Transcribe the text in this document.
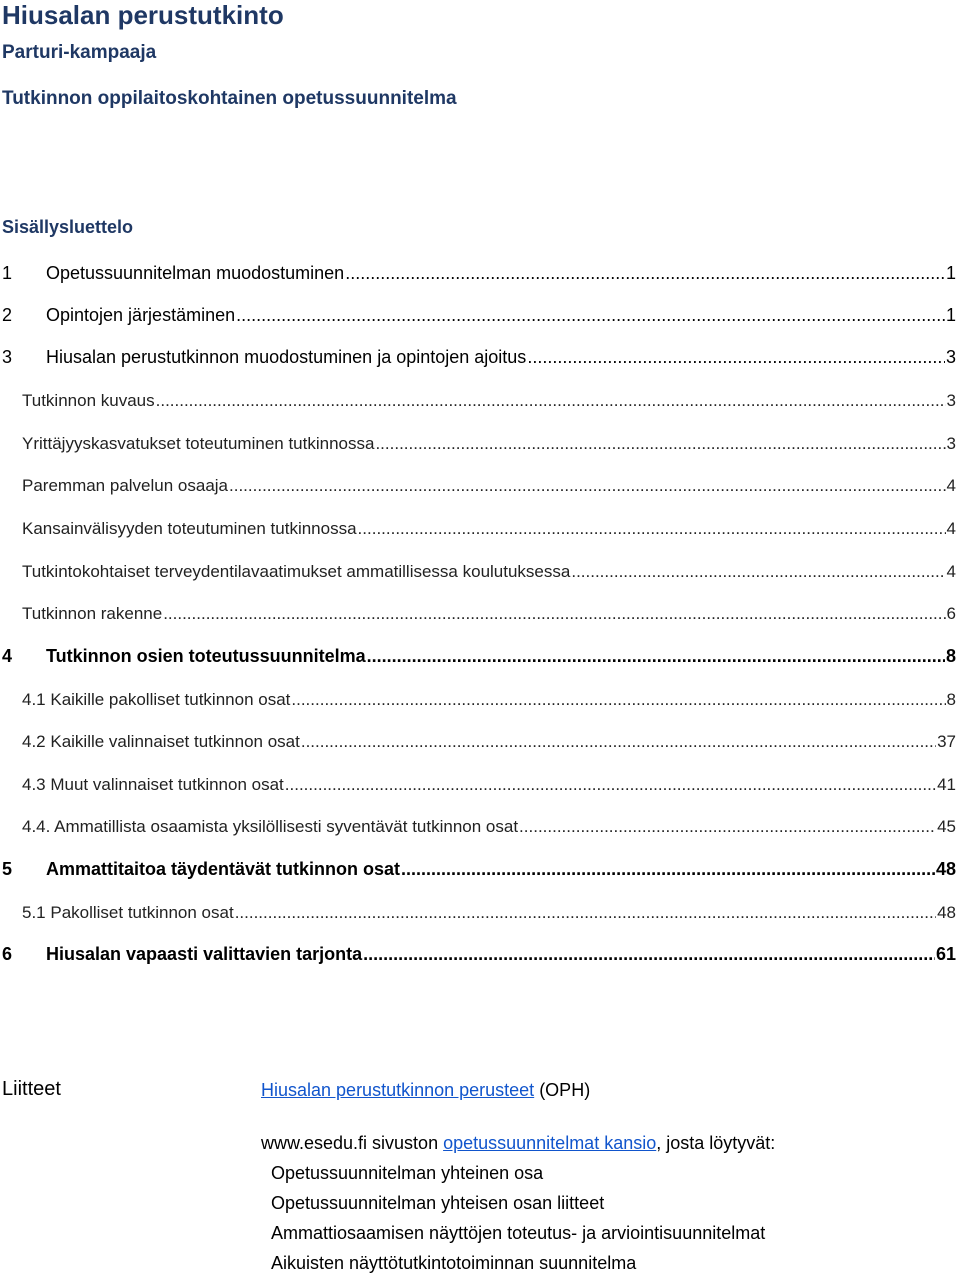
Hiusalan perustutkinto
Parturi-kampaaja
Tutkinnon oppilaitoskohtainen opetussuunnitelma
Sisällysluettelo
1	Opetussuunnitelman muodostuminen .....	1
2	Opintojen järjestäminen .....	1
3	Hiusalan perustutkinnon muodostuminen ja opintojen ajoitus .....	3
Tutkinnon kuvaus .....	3
Yrittäjyyskasvatukset toteutuminen tutkinnossa .....	3
Paremman palvelun osaaja .....	4
Kansainvälisyyden toteutuminen tutkinnossa .....	4
Tutkintokohtaiset terveydentilavaatimukset ammatillisessa koulutuksessa .....	4
Tutkinnon rakenne .....	6
4	Tutkinnon osien toteutussuunnitelma .....	8
4.1 Kaikille pakolliset tutkinnon osat .....	8
4.2 Kaikille valinnaiset tutkinnon osat .....	37
4.3 Muut valinnaiset tutkinnon osat .....	41
4.4. Ammatillista osaamista yksilöllisesti syventävät tutkinnon osat .....	45
5	Ammattitaitoa täydentävät tutkinnon osat .....	48
5.1 Pakolliset tutkinnon osat .....	48
6	Hiusalan vapaasti valittavien tarjonta .....	61
Liitteet	Hiusalan perustutkinnon perusteet (OPH)
www.esedu.fi sivuston opetussuunnitelmat kansio, josta löytyvät:
Opetussuunnitelman yhteinen osa
Opetussuunnitelman yhteisen osan liitteet
Ammattiosaamisen näyttöjen toteutus- ja arviointisuunnitelmat
Aikuisten näyttötutkintotoiminnan suunnitelma
